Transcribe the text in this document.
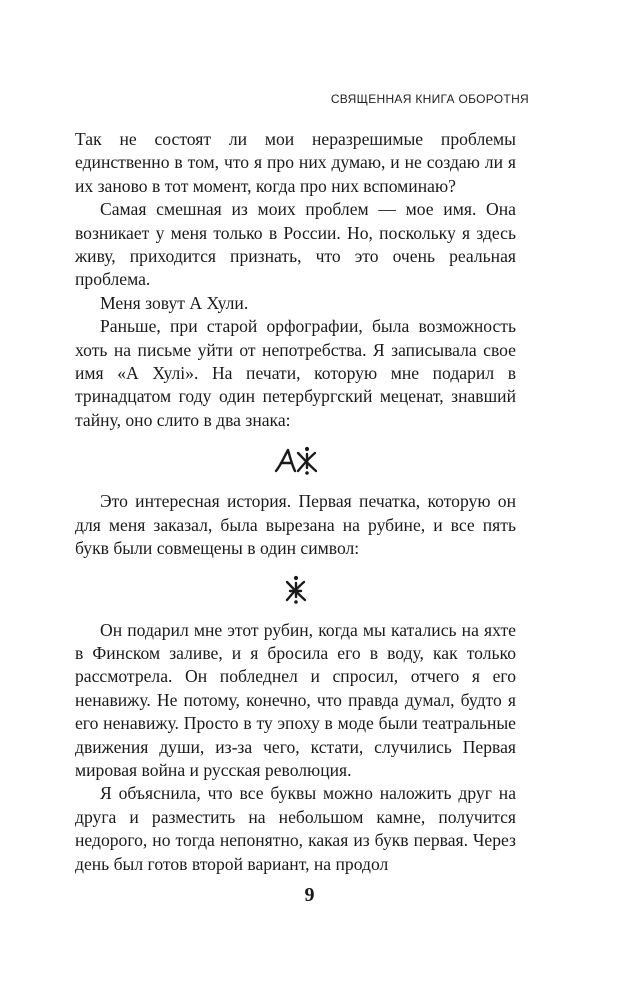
СВЯЩЕННАЯ КНИГА ОБОРОТНЯ

Так не состоят ли мои неразрешимые проблемы единственно в том, что я про них думаю, и не создаю ли я их заново в тот момент, когда про них вспоминаю?

Самая смешная из моих проблем — мое имя. Она возникает у меня только в России. Но, поскольку я здесь живу, приходится признать, что это очень реальная проблема.

Меня зовут А Хули.

Раньше, при старой орфографии, была возможность хоть на письме уйти от непотребства. Я записывала свое имя «А Хулi». На печати, которую мне подарил в тринадцатом году один петербургский меценат, знавший тайну, оно слито в два знака:

Это интересная история. Первая печатка, которую он для меня заказал, была вырезана на рубине, и все пять букв были совмещены в один символ:

Он подарил мне этот рубин, когда мы катались на яхте в Финском заливе, и я бросила его в воду, как только рассмотрела. Он побледнел и спросил, отчего я его ненавижу. Не потому, конечно, что правда думал, будто я его ненавижу. Просто в ту эпоху в моде были театральные движения души, из-за чего, кстати, случились Первая мировая война и русская революция.

Я объяснила, что все буквы можно наложить друг на друга и разместить на небольшом камне, получится недорого, но тогда непонятно, какая из букв первая. Через день был готов второй вариант, на продол

9
